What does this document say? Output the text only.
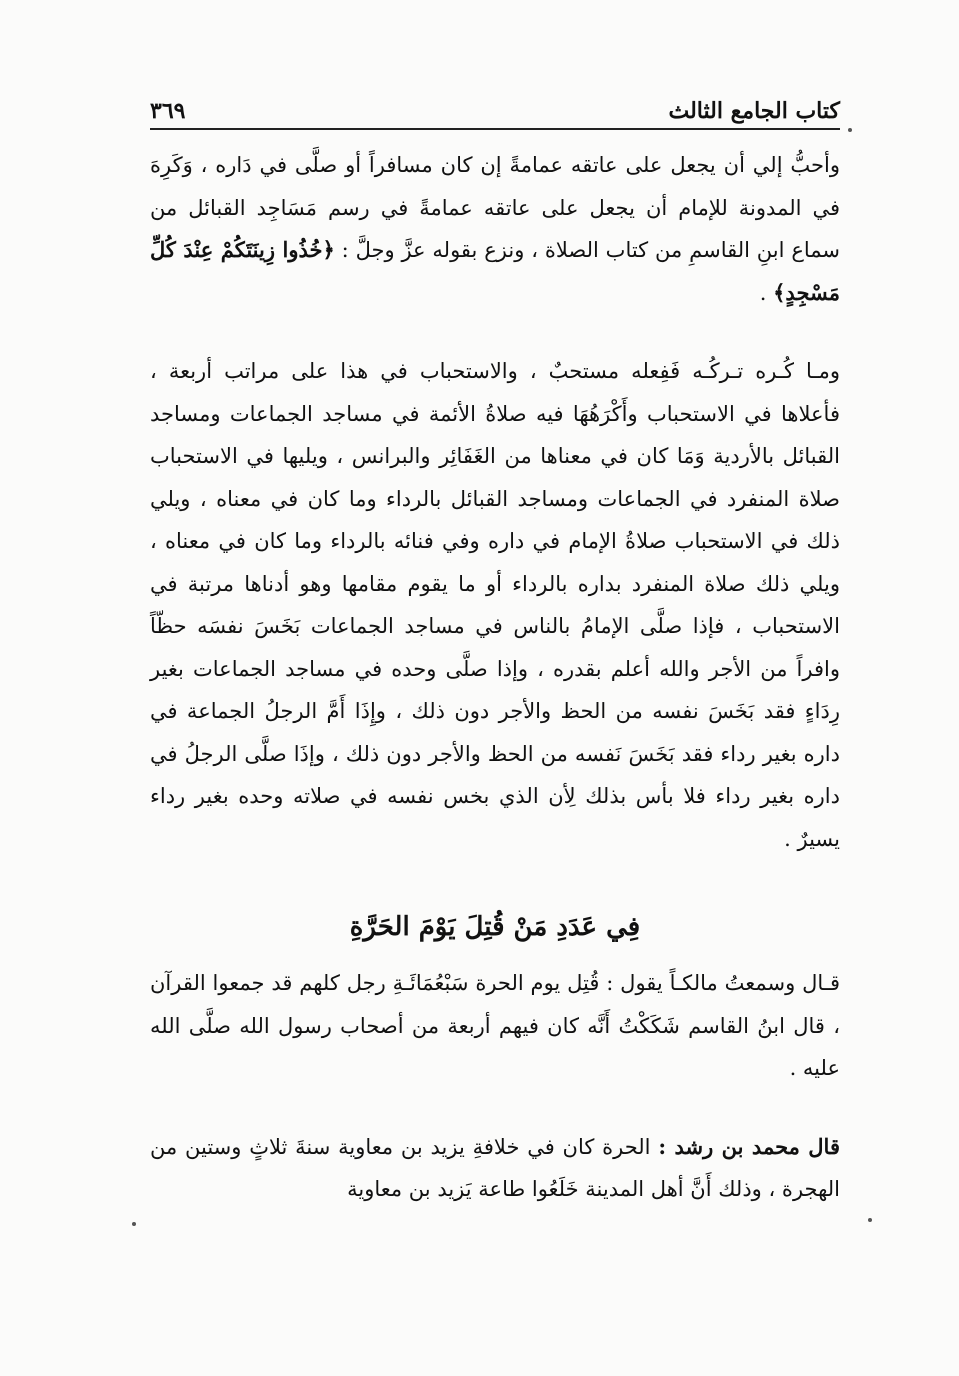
كتاب الجامع الثالث
٣٦٩

وأحبُّ إلي أن يجعل على عاتقه عمامةً إن كان مسافراً أو صلَّى في دَاره ، وَكَرِهَ في المدونة للإمام أن يجعل على عاتقه عمامةً في رسم مَسَاجِد القبائل من سماع ابنِ القاسمِ من كتاب الصلاة ، ونزع بقوله عزَّ وجلَّ : ﴿خُذُوا زِينَتَكُمْ عِنْدَ كُلِّ مَسْجِدٍ﴾ .

ومـا كُـره تـركُـه فَفِعله مستحبٌ ، والاستحباب في هذا على مراتب أربعة ، فأعلاها في الاستحباب وأَكْرَهُهَا فيه صلاةُ الأئمة في مساجد الجماعات ومساجد القبائل بالأردية وَمَا كان في معناها من الغَفَائِر والبرانس ، ويليها في الاستحباب صلاة المنفرد في الجماعات ومساجد القبائل بالرداء وما كان في معناه ، ويلي ذلك في الاستحباب صلاةُ الإمام في داره وفي فنائه بالرداء وما كان في معناه ، ويلي ذلك صلاة المنفرد بداره بالرداء أو ما يقوم مقامها وهو أدناها مرتبة في الاستحباب ، فإذا صلَّى الإمامُ بالناس في مساجد الجماعات بَخَسَ نفسَه حظّاً وافراً من الأجر والله أعلم بقدره ، وإذا صلَّى وحده في مساجد الجماعات بغير رِدَاءٍ فقد بَخَسَ نفسه من الحظ والأجر دون ذلك ، وإِذَا أَمَّ الرجلُ الجماعة في داره بغير رداء فقد بَخَسَ نَفسه من الحظ والأجر دون ذلك ، وإذَا صلَّى الرجلُ في داره بغير رداء فلا بأس بذلك لِأن الذي بخس نفسه في صلاته وحده بغير رداء يسيرٌ .

فِي عَدَدِ مَنْ قُتِلَ يَوْمَ الحَرَّةِ

قـال وسمعتُ مالكـاً يقول : قُتِل يوم الحرة سَبْعُمَائَـةِ رجل كلهم قد جمعوا القرآن ، قال ابنُ القاسم شَكَكْتُ أَنَّه كان فيهم أربعة من أصحاب رسول الله صلَّى الله عليه .

قال محمد بن رشد : الحرة كان في خلافةِ يزيد بن معاوية سنةَ ثلاثٍ وستين من الهجرة ، وذلك أَنَّ أهل المدينة خَلَعُوا طاعة يَزيد بن معاوية
